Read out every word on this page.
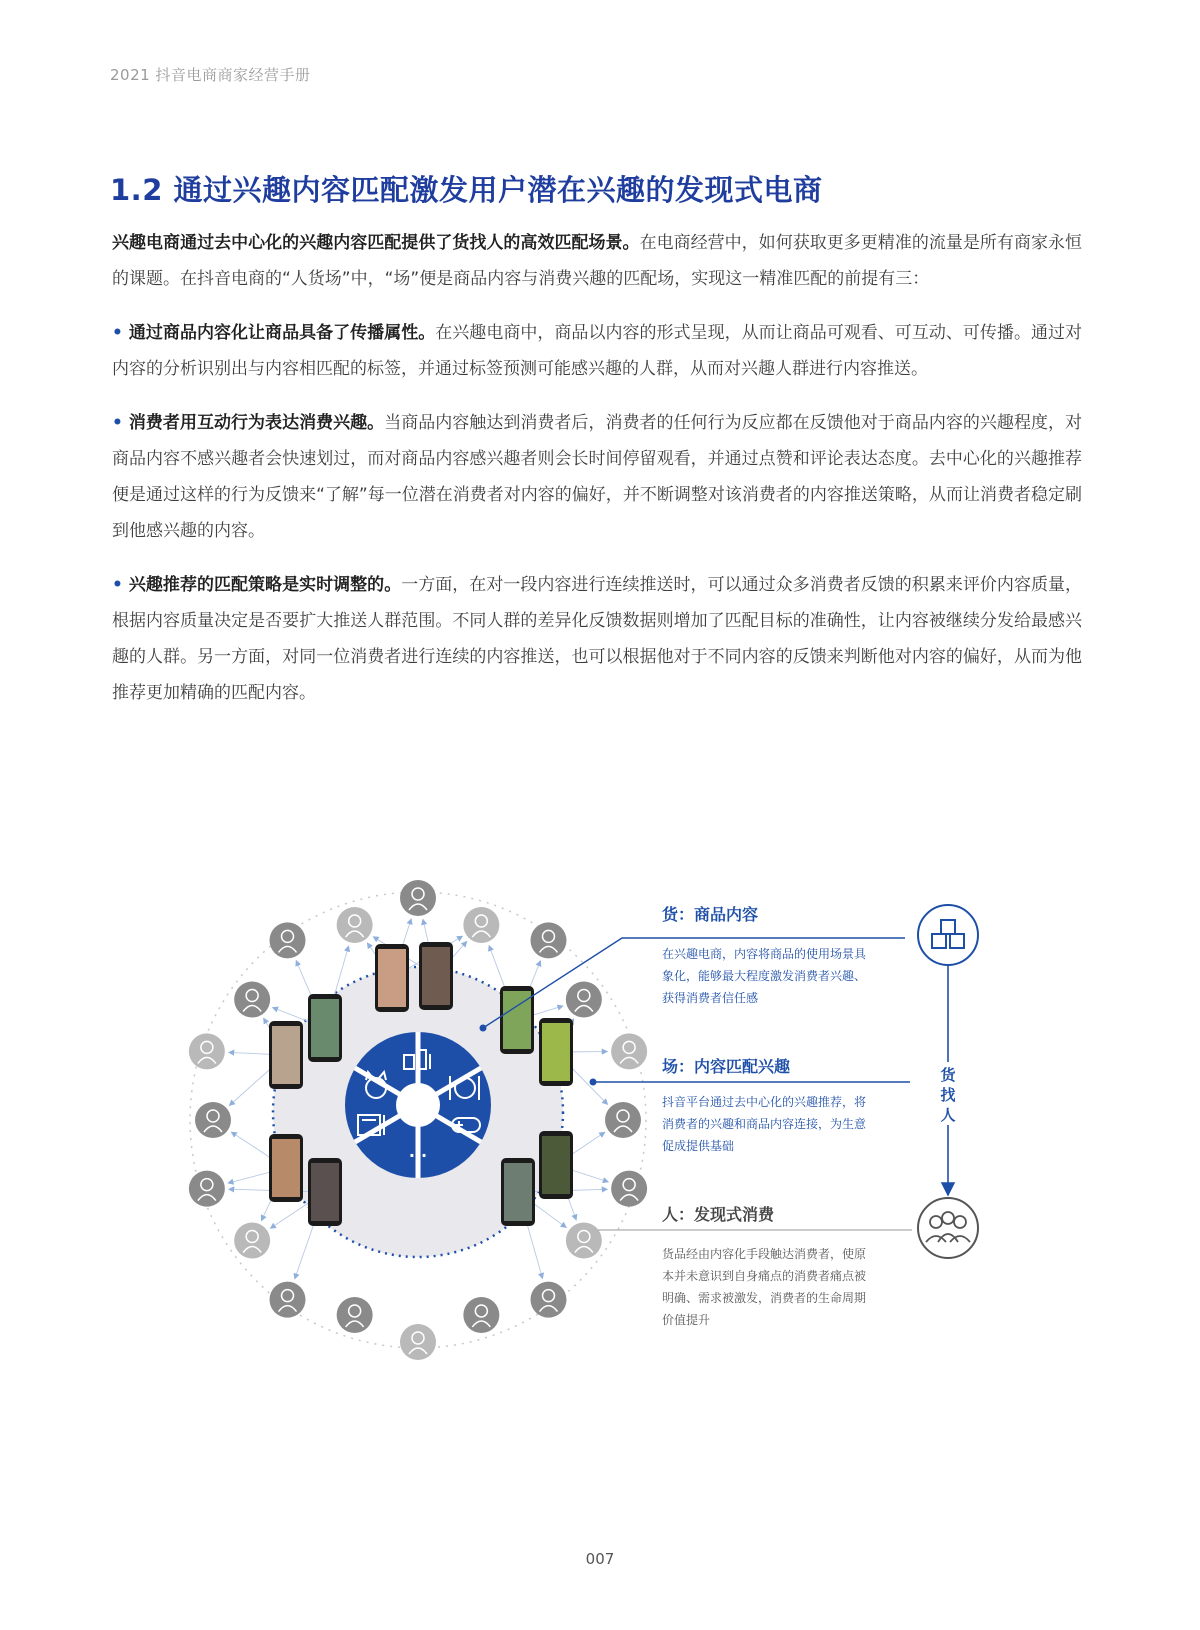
2021 抖音电商商家经营手册
1.2 通过兴趣内容匹配激发用户潜在兴趣的发现式电商

兴趣电商通过去中心化的兴趣内容匹配提供了货找人的高效匹配场景。在电商经营中，如何获取更多更精准的流量是所有商家永恒的课题。在抖音电商的“人货场”中，“场”便是商品内容与消费兴趣的匹配场，实现这一精准匹配的前提有三：

• 通过商品内容化让商品具备了传播属性。在兴趣电商中，商品以内容的形式呈现，从而让商品可观看、可互动、可传播。通过对内容的分析识别出与内容相匹配的标签，并通过标签预测可能感兴趣的人群，从而对兴趣人群进行内容推送。

• 消费者用互动行为表达消费兴趣。当商品内容触达到消费者后，消费者的任何行为反应都在反馈他对于商品内容的兴趣程度，对商品内容不感兴趣者会快速划过，而对商品内容感兴趣者则会长时间停留观看，并通过点赞和评论表达态度。去中心化的兴趣推荐便是通过这样的行为反馈来“了解”每一位潜在消费者对内容的偏好，并不断调整对该消费者的内容推送策略，从而让消费者稳定刷到他感兴趣的内容。

• 兴趣推荐的匹配策略是实时调整的。一方面，在对一段内容进行连续推送时，可以通过众多消费者反馈的积累来评价内容质量，根据内容质量决定是否要扩大推送人群范围。不同人群的差异化反馈数据则增加了匹配目标的准确性，让内容被继续分发给最感兴趣的人群。另一方面，对同一位消费者进行连续的内容推送，也可以根据他对于不同内容的反馈来判断他对内容的偏好，从而为他推荐更加精确的匹配内容。

···
货：商品内容
在兴趣电商，内容将商品的使用场景具
象化，能够最大程度激发消费者兴趣、
获得消费者信任感
场：内容匹配兴趣
抖音平台通过去中心化的兴趣推荐，将
消费者的兴趣和商品内容连接，为生意
促成提供基础
人：发现式消费
货品经由内容化手段触达消费者，使原
本并未意识到自身痛点的消费者痛点被
明确、需求被激发，消费者的生命周期
价值提升
货
找
人
007
